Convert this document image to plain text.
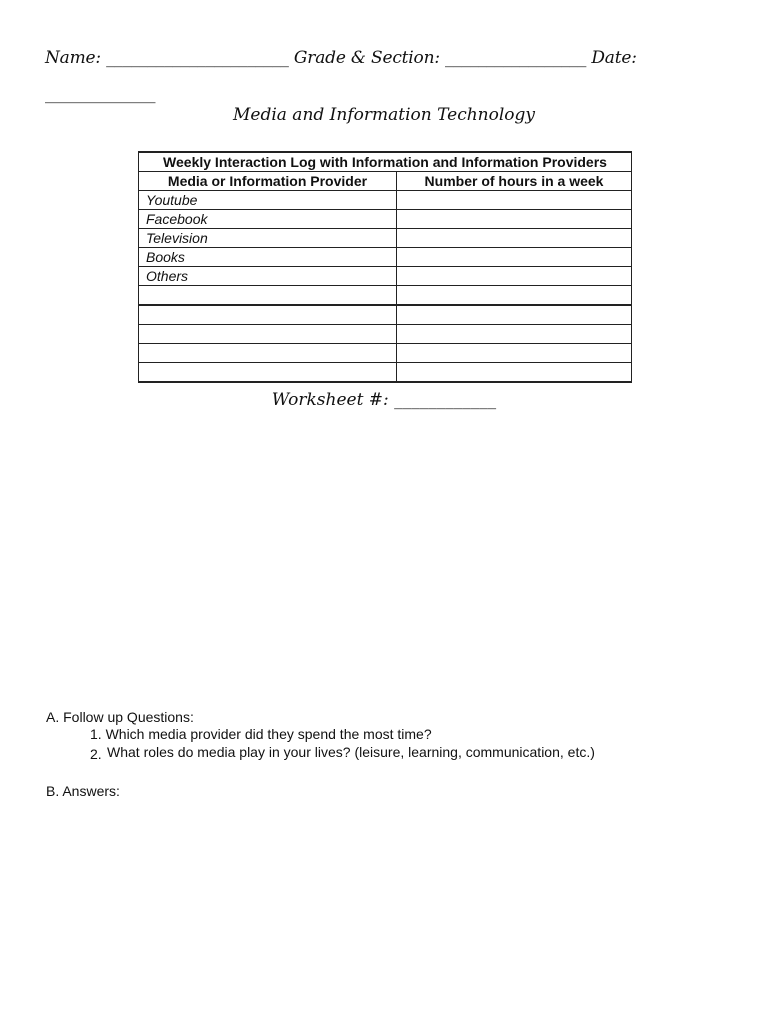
Name: ______________________ Grade & Section: _________________ Date:
_____________
Media and Information Technology
Weekly Interaction Log with Information and Information Providers	
Media or Information Provider	Number of hours in a week
Youtube	
Facebook	
Television	
Books	
Others	

Worksheet #: ____________
A. Follow up Questions:
1. Which media provider did they spend the most time?
2. What roles do media play in your lives? (leisure, learning, communication, etc.)
B. Answers:
